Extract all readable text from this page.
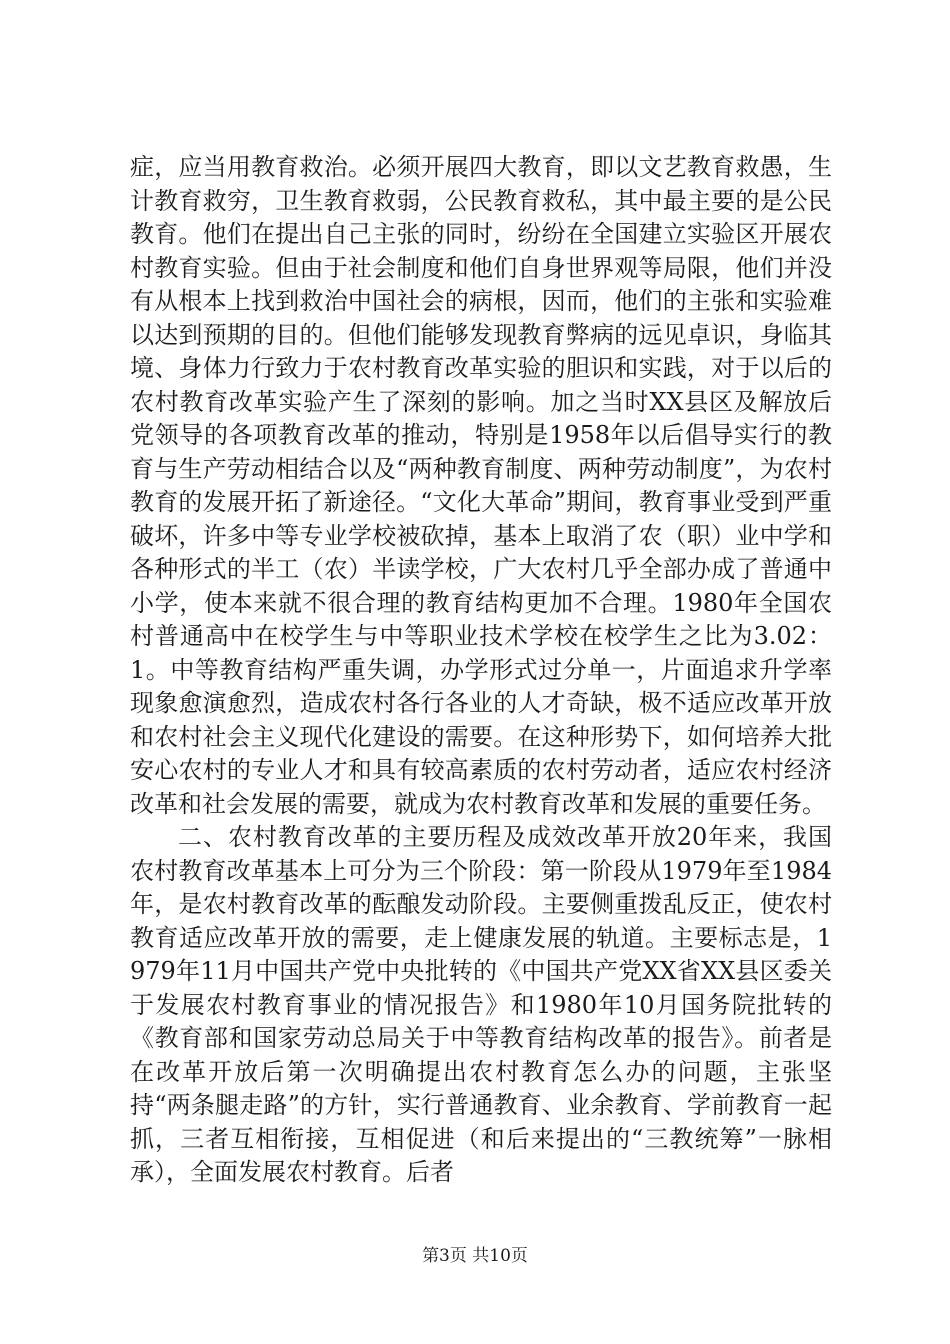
症，应当用教育救治。必须开展四大教育，即以文艺教育救愚，生计教育救穷，卫生教育救弱，公民教育救私，其中最主要的是公民教育。他们在提出自己主张的同时，纷纷在全国建立实验区开展农村教育实验。但由于社会制度和他们自身世界观等局限，他们并没有从根本上找到救治中国社会的病根，因而，他们的主张和实验难以达到预期的目的。但他们能够发现教育弊病的远见卓识，身临其境、身体力行致力于农村教育改革实验的胆识和实践，对于以后的农村教育改革实验产生了深刻的影响。加之当时XX县区及解放后党领导的各项教育改革的推动，特别是1958年以后倡导实行的教育与生产劳动相结合以及“两种教育制度、两种劳动制度”，为农村教育的发展开拓了新途径。“文化大革命”期间，教育事业受到严重破坏，许多中等专业学校被砍掉，基本上取消了农（职）业中学和各种形式的半工（农）半读学校，广大农村几乎全部办成了普通中小学，使本来就不很合理的教育结构更加不合理。1980年全国农村普通高中在校学生与中等职业技术学校在校学生之比为3.02：1。中等教育结构严重失调，办学形式过分单一，片面追求升学率现象愈演愈烈，造成农村各行各业的人才奇缺，极不适应改革开放和农村社会主义现代化建设的需要。在这种形势下，如何培养大批安心农村的专业人才和具有较高素质的农村劳动者，适应农村经济改革和社会发展的需要，就成为农村教育改革和发展的重要任务。

二、农村教育改革的主要历程及成效改革开放20年来，我国农村教育改革基本上可分为三个阶段：第一阶段从1979年至1984年，是农村教育改革的酝酿发动阶段。主要侧重拨乱反正，使农村教育适应改革开放的需要，走上健康发展的轨道。主要标志是，1979年11月中国共产党中央批转的《中国共产党XX省XX县区委关于发展农村教育事业的情况报告》和1980年10月国务院批转的《教育部和国家劳动总局关于中等教育结构改革的报告》。前者是在改革开放后第一次明确提出农村教育怎么办的问题，主张坚持“两条腿走路”的方针，实行普通教育、业余教育、学前教育一起抓，三者互相衔接，互相促进（和后来提出的“三教统筹”一脉相承），全面发展农村教育。后者

第3页 共10页
